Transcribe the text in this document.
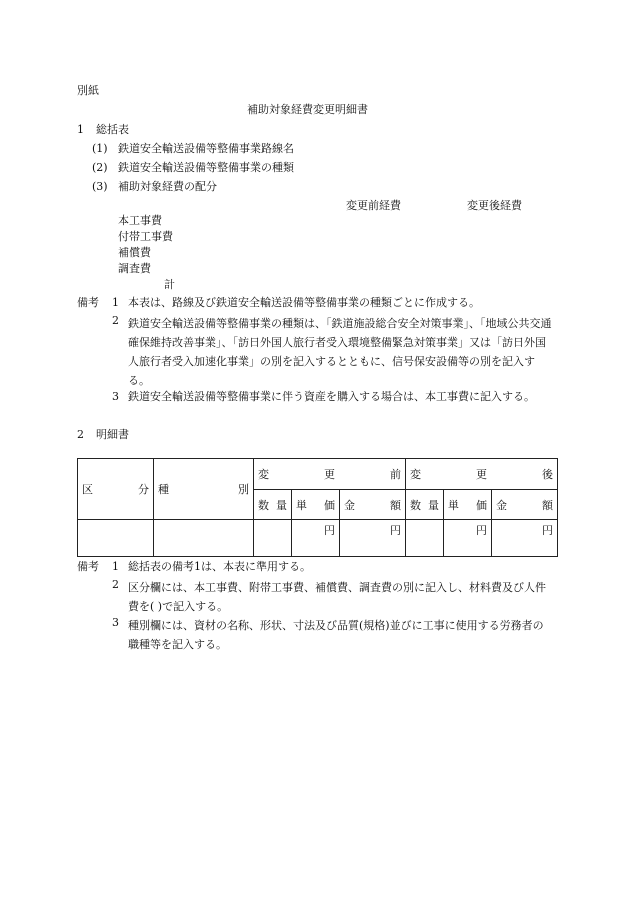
別紙
補助対象経費変更明細書
1 総括表
(1) 鉄道安全輸送設備等整備事業路線名
(2) 鉄道安全輸送設備等整備事業の種類
(3) 補助対象経費の配分
変更前経費	変更後経費
本工事費
付帯工事費
補償費
調査費
計
備考 1 本表は、路線及び鉄道安全輸送設備等整備事業の種類ごとに作成する。
2 鉄道安全輸送設備等整備事業の種類は、「鉄道施設総合安全対策事業」、「地域公共交通確保維持改善事業」、「訪日外国人旅行者受入環境整備緊急対策事業」又は「訪日外国人旅行者受入加速化事業」の別を記入するとともに、信号保安設備等の別を記入する。
3 鉄道安全輸送設備等整備事業に伴う資産を購入する場合は、本工事費に記入する。
2 明細書
区 分	種 別	変 更 前			変 更 後		

		数 量	単 価	金 額	数 量	単 価	金 額

			円	円		円	円
備考 1 総括表の備考1は、本表に準用する。
2 区分欄には、本工事費、附帯工事費、補償費、調査費の別に記入し、材料費及び人件費を( )で記入する。
3 種別欄には、資材の名称、形状、寸法及び品質(規格)並びに工事に使用する労務者の職種等を記入する。
